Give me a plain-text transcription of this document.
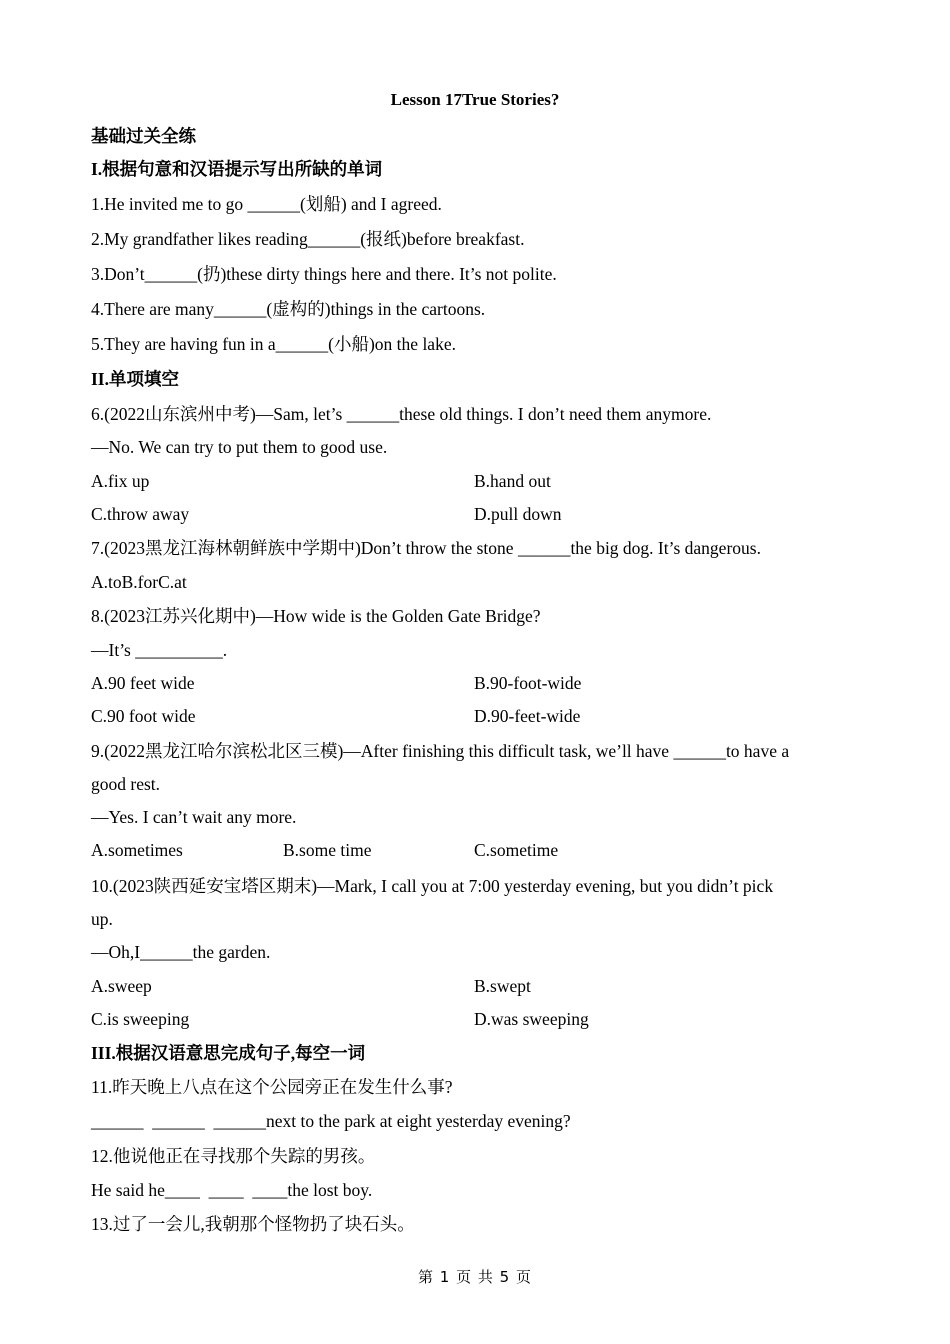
Lesson 17True Stories?
基础过关全练
I.根据句意和汉语提示写出所缺的单词
1.He invited me to go ______(划船) and I agreed.
2.My grandfather likes reading______(报纸)before breakfast.
3.Don’t______(扔)these dirty things here and there. It’s not polite.
4.There are many______(虚构的)things in the cartoons.
5.They are having fun in a______(小船)on the lake.
II.单项填空
6.(2022山东滨州中考)—Sam, let’s ______these old things. I don’t need them anymore.
—No. We can try to put them to good use.
A.fix up	B.hand out
C.throw away	D.pull down
7.(2023黑龙江海林朝鲜族中学期中)Don’t throw the stone ______the big dog. It’s dangerous.
A.toB.forC.at
8.(2023江苏兴化期中)—How wide is the Golden Gate Bridge?
—It’s __________.
A.90 feet wide	B.90-foot-wide
C.90 foot wide	D.90-feet-wide
9.(2022黑龙江哈尔滨松北区三模)—After finishing this difficult task, we’ll have ______to have a
good rest.
—Yes. I can’t wait any more.
A.sometimes	B.some time	C.sometime
10.(2023陕西延安宝塔区期末)—Mark, I call you at 7:00 yesterday evening, but you didn’t pick
up.
—Oh,I______the garden.
A.sweep	B.swept
C.is sweeping	D.was sweeping
III.根据汉语意思完成句子,每空一词
11.昨天晚上八点在这个公园旁正在发生什么事?
______  ______  ______next to the park at eight yesterday evening?
12.他说他正在寻找那个失踪的男孩。
He said he____  ____  ____the lost boy.
13.过了一会儿,我朝那个怪物扔了块石头。
第 1 页 共 5 页
